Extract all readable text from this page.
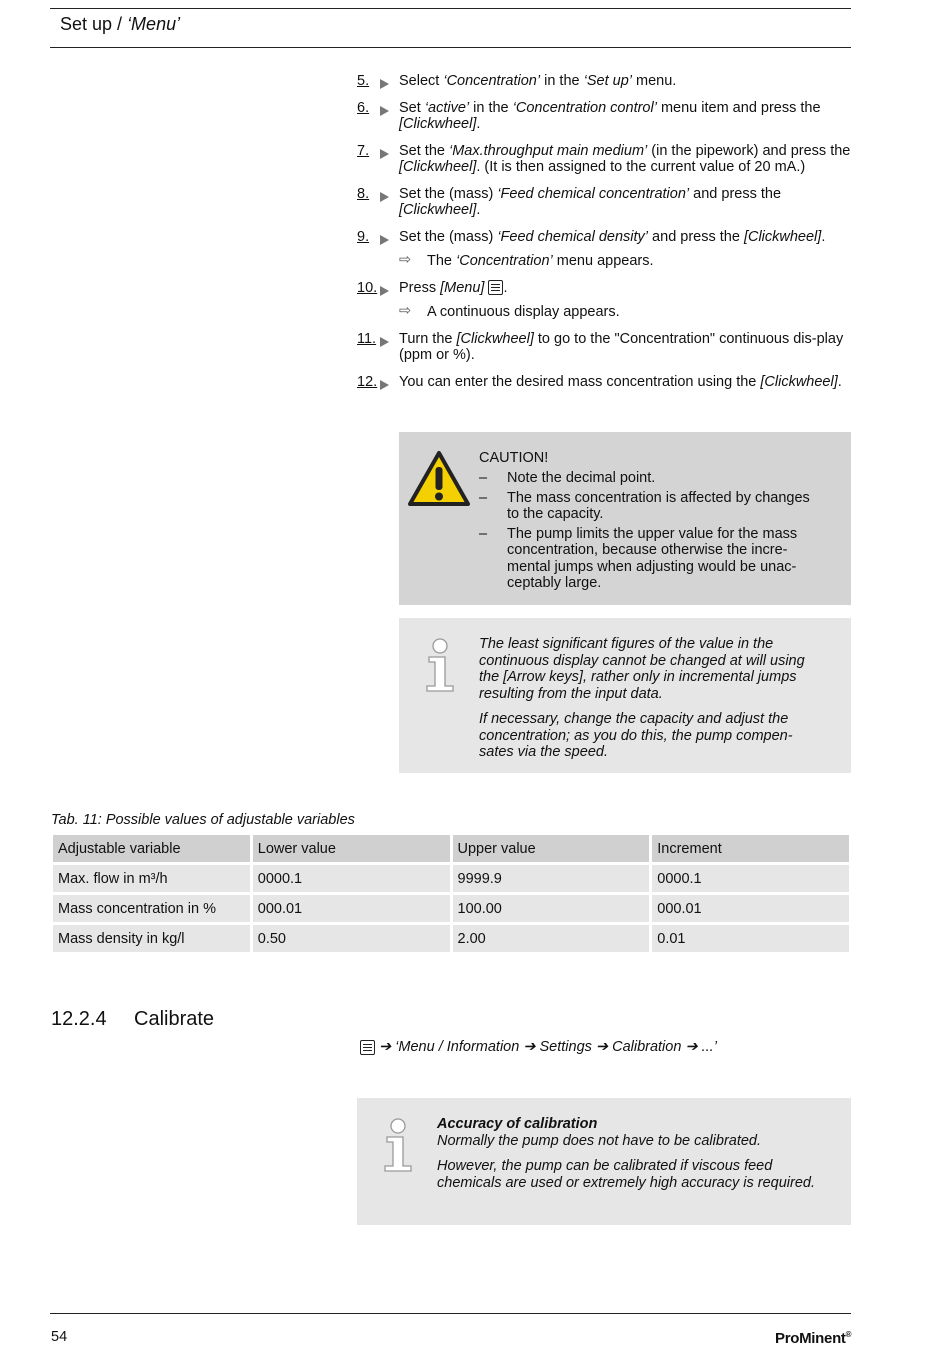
Set up / ‘Menu’
5.	Select ‘Concentration’ in the ‘Set up’ menu.
6.	Set ‘active’ in the ‘Concentration control’ menu item and press the [Clickwheel].
7.	Set the ‘Max.throughput main medium’ (in the pipework) and press the [Clickwheel]. (It is then assigned to the current value of 20 mA.)
8.	Set the (mass) ‘Feed chemical concentration’ and press the [Clickwheel].
9.	Set the (mass) ‘Feed chemical density’ and press the [Clickwheel].
⇨ The ‘Concentration’ menu appears.
10.	Press [Menu] .
⇨ A continuous display appears.
11.	Turn the [Clickwheel] to go to the "Concentration" continuous dis-play (ppm or %).
12.	You can enter the desired mass concentration using the [Clickwheel].
CAUTION!
– Note the decimal point.
– The mass concentration is affected by changes to the capacity.
– The pump limits the upper value for the mass concentration, because otherwise the incre-mental jumps when adjusting would be unac-ceptably large.

The least significant figures of the value in the continuous display cannot be changed at will using the [Arrow keys], rather only in incremental jumps resulting from the input data.

If necessary, change the capacity and adjust the concentration; as you do this, the pump compen-sates via the speed.

Tab. 11: Possible values of adjustable variables
Adjustable variable	Lower value	Upper value	Increment
Max. flow in m³/h	0000.1	9999.9	0000.1
Mass concentration in %	000.01	100.00	000.01
Mass density in kg/l	0.50	2.00	0.01
12.2.4 Calibrate
➔ ‘Menu / Information ➔ Settings ➔ Calibration ➔ ...’
Accuracy of calibration

Normally the pump does not have to be calibrated.

However, the pump can be calibrated if viscous feed chemicals are used or extremely high accuracy is required.

54	ProMinent®
